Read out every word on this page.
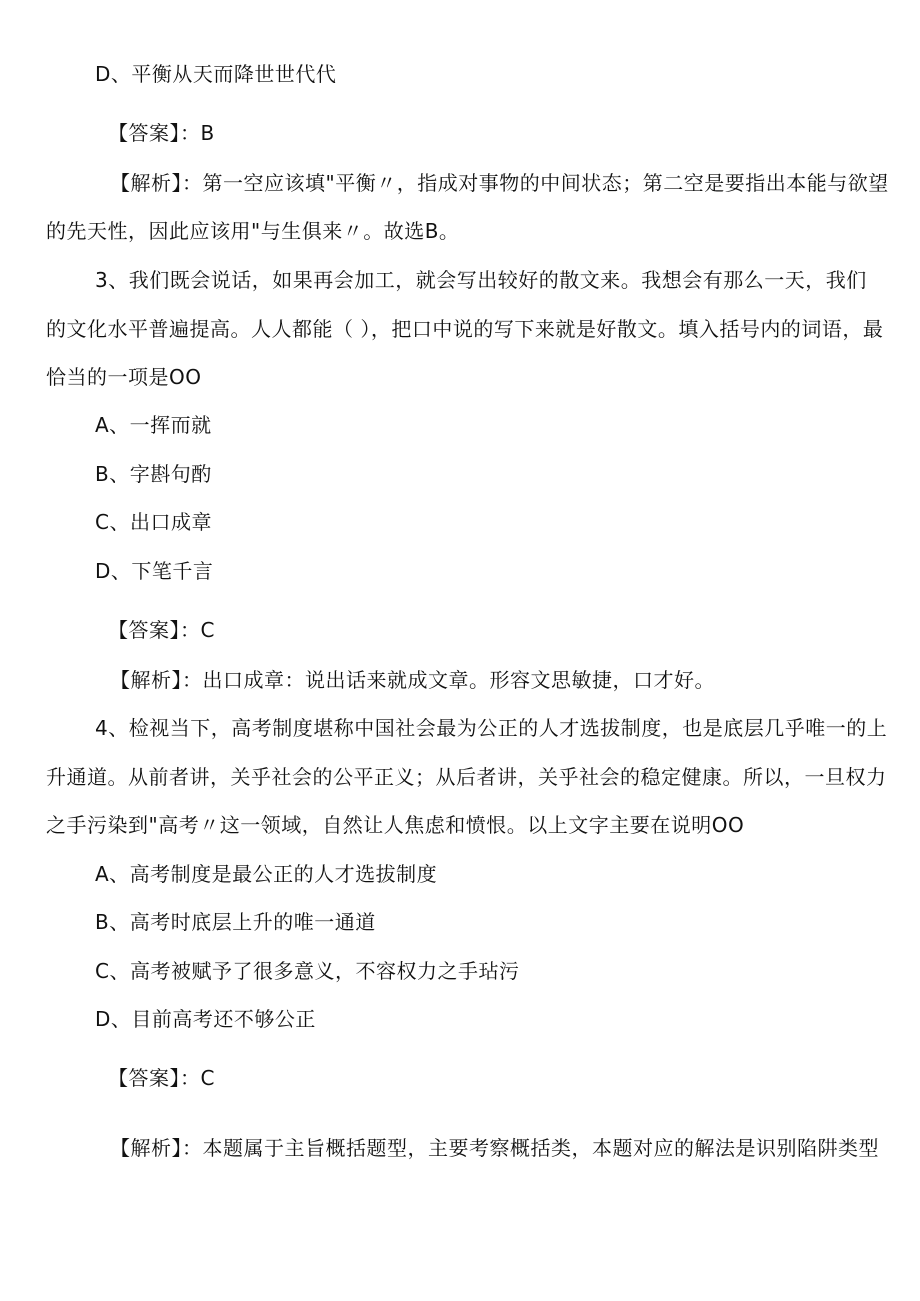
D、平衡从天而降世世代代
【答案】：B
【解析】：第一空应该填"平衡〃，指成对事物的中间状态；第二空是要指出本能与欲望
的先天性，因此应该用"与生俱来〃。故选B。
3、我们既会说话，如果再会加工，就会写出较好的散文来。我想会有那么一天，我们
的文化水平普遍提高。人人都能（ ），把口中说的写下来就是好散文。填入括号内的词语，最
恰当的一项是OO
A、一挥而就
B、字斟句酌
C、出口成章
D、下笔千言
【答案】：C
【解析】：出口成章：说出话来就成文章。形容文思敏捷，口才好。
4、检视当下，高考制度堪称中国社会最为公正的人才选拔制度，也是底层几乎唯一的上
升通道。从前者讲，关乎社会的公平正义；从后者讲，关乎社会的稳定健康。所以，一旦权力
之手污染到"高考〃这一领域，自然让人焦虑和愤恨。以上文字主要在说明OO
A、高考制度是最公正的人才选拔制度
B、高考时底层上升的唯一通道
C、高考被赋予了很多意义，不容权力之手玷污
D、目前高考还不够公正
【答案】：C
【解析】：本题属于主旨概括题型，主要考察概括类，本题对应的解法是识别陷阱类型
